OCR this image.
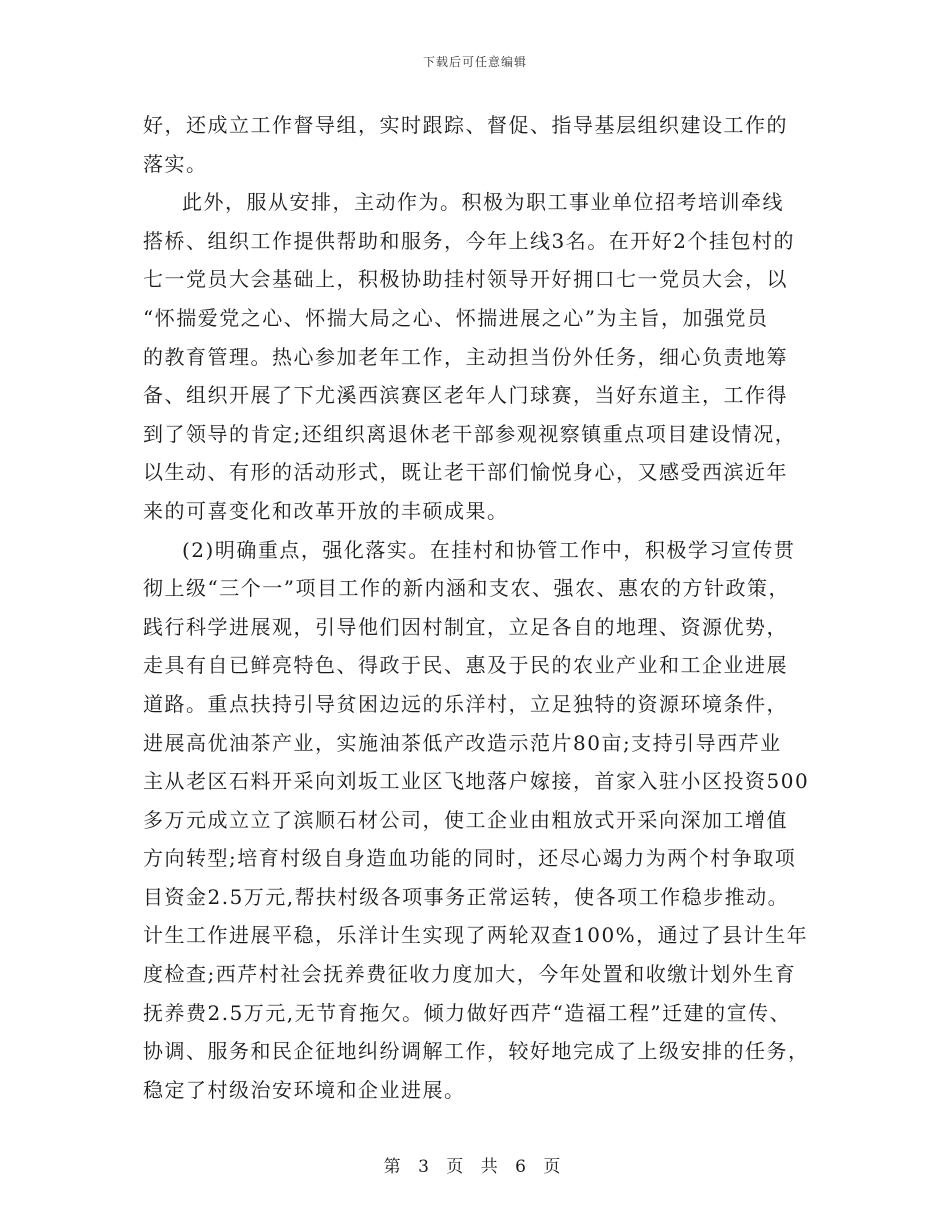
下载后可任意编辑
好，还成立工作督导组，实时跟踪、督促、指导基层组织建设工作的
落实。
此外，服从安排，主动作为。积极为职工事业单位招考培训牵线
搭桥、组织工作提供帮助和服务，今年上线3名。在开好2个挂包村的
七一党员大会基础上，积极协助挂村领导开好拥口七一党员大会，以
“怀揣爱党之心、怀揣大局之心、怀揣进展之心”为主旨，加强党员
的教育管理。热心参加老年工作，主动担当份外任务，细心负责地筹
备、组织开展了下尤溪西滨赛区老年人门球赛，当好东道主，工作得
到了领导的肯定;还组织离退休老干部参观视察镇重点项目建设情况，
以生动、有形的活动形式，既让老干部们愉悦身心，又感受西滨近年
来的可喜变化和改革开放的丰硕成果。
(2)明确重点，强化落实。在挂村和协管工作中，积极学习宣传贯
彻上级“三个一”项目工作的新内涵和支农、强农、惠农的方针政策，
践行科学进展观，引导他们因村制宜，立足各自的地理、资源优势，
走具有自已鲜亮特色、得政于民、惠及于民的农业产业和工企业进展
道路。重点扶持引导贫困边远的乐洋村，立足独特的资源环境条件，
进展高优油茶产业，实施油茶低产改造示范片80亩;支持引导西芹业
主从老区石料开采向刘坂工业区飞地落户嫁接，首家入驻小区投资500
多万元成立立了滨顺石材公司，使工企业由粗放式开采向深加工增值
方向转型;培育村级自身造血功能的同时，还尽心竭力为两个村争取项
目资金2.5万元,帮扶村级各项事务正常运转，使各项工作稳步推动。
计生工作进展平稳，乐洋计生实现了两轮双查100%，通过了县计生年
度检查;西芹村社会抚养费征收力度加大，今年处置和收缴计划外生育
抚养费2.5万元,无节育拖欠。倾力做好西芹“造福工程”迁建的宣传、
协调、服务和民企征地纠纷调解工作，较好地完成了上级安排的任务，
稳定了村级治安环境和企业进展。
第 3 页 共 6 页
